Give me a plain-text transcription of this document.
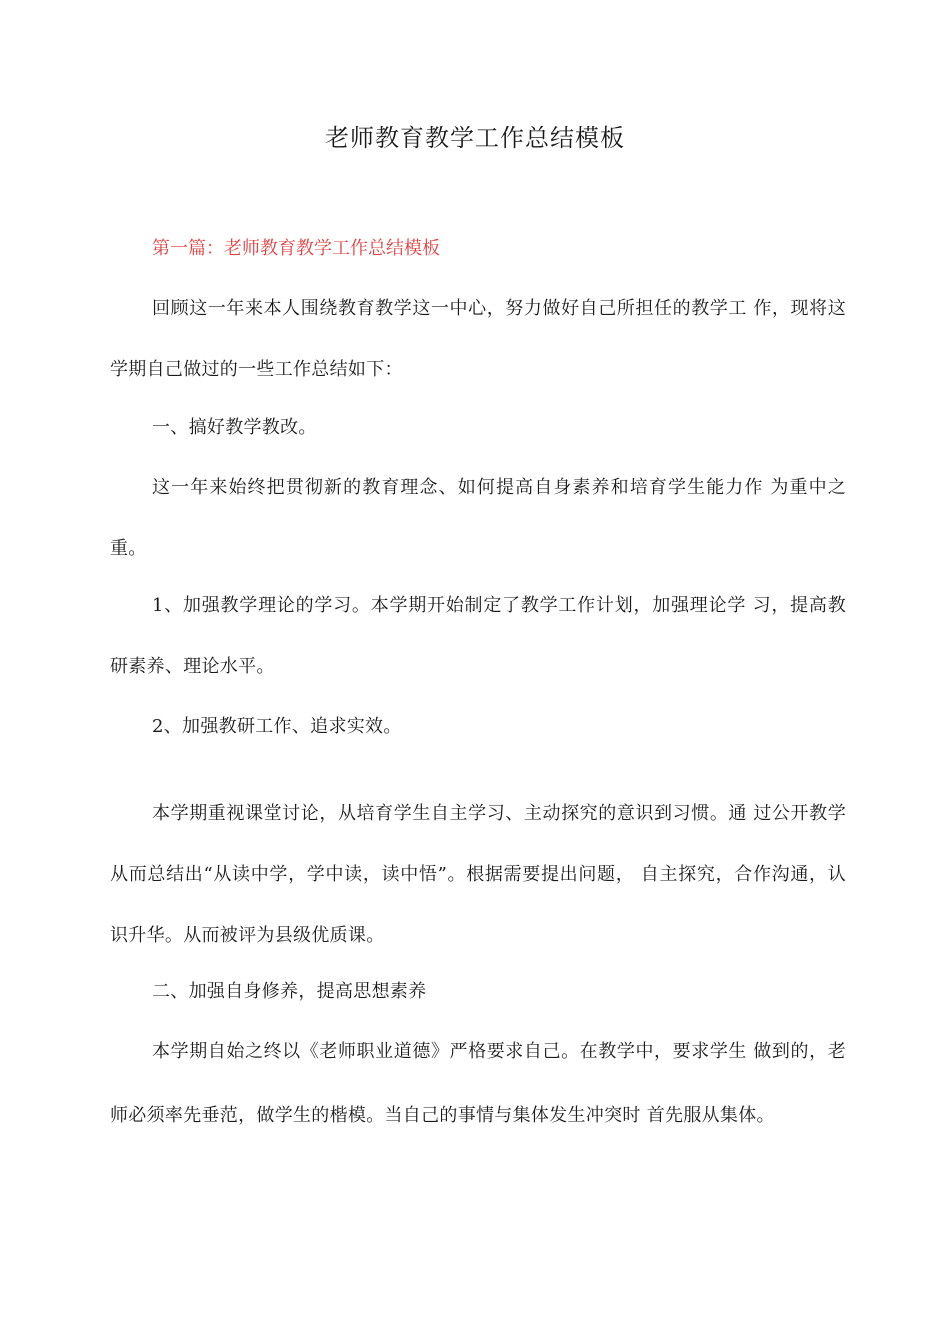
老师教育教学工作总结模板
第一篇：老师教育教学工作总结模板

回顾这一年来本人围绕教育教学这一中心，努力做好自己所担任的教学工 作，现将这学期自己做过的一些工作总结如下：

一、搞好教学教改。

这一年来始终把贯彻新的教育理念、如何提高自身素养和培育学生能力作 为重中之重。

1、加强教学理论的学习。本学期开始制定了教学工作计划，加强理论学 习，提高教研素养、理论水平。

2、加强教研工作、追求实效。

本学期重视课堂讨论，从培育学生自主学习、主动探究的意识到习惯。通 过公开教学从而总结出“从读中学，学中读，读中悟”。根据需要提出问题， 自主探究，合作沟通，认识升华。从而被评为县级优质课。

二、加强自身修养，提高思想素养

本学期自始之终以《老师职业道德》严格要求自己。在教学中，要求学生 做到的，老师必须率先垂范，做学生的楷模。当自己的事情与集体发生冲突时 首先服从集体。
